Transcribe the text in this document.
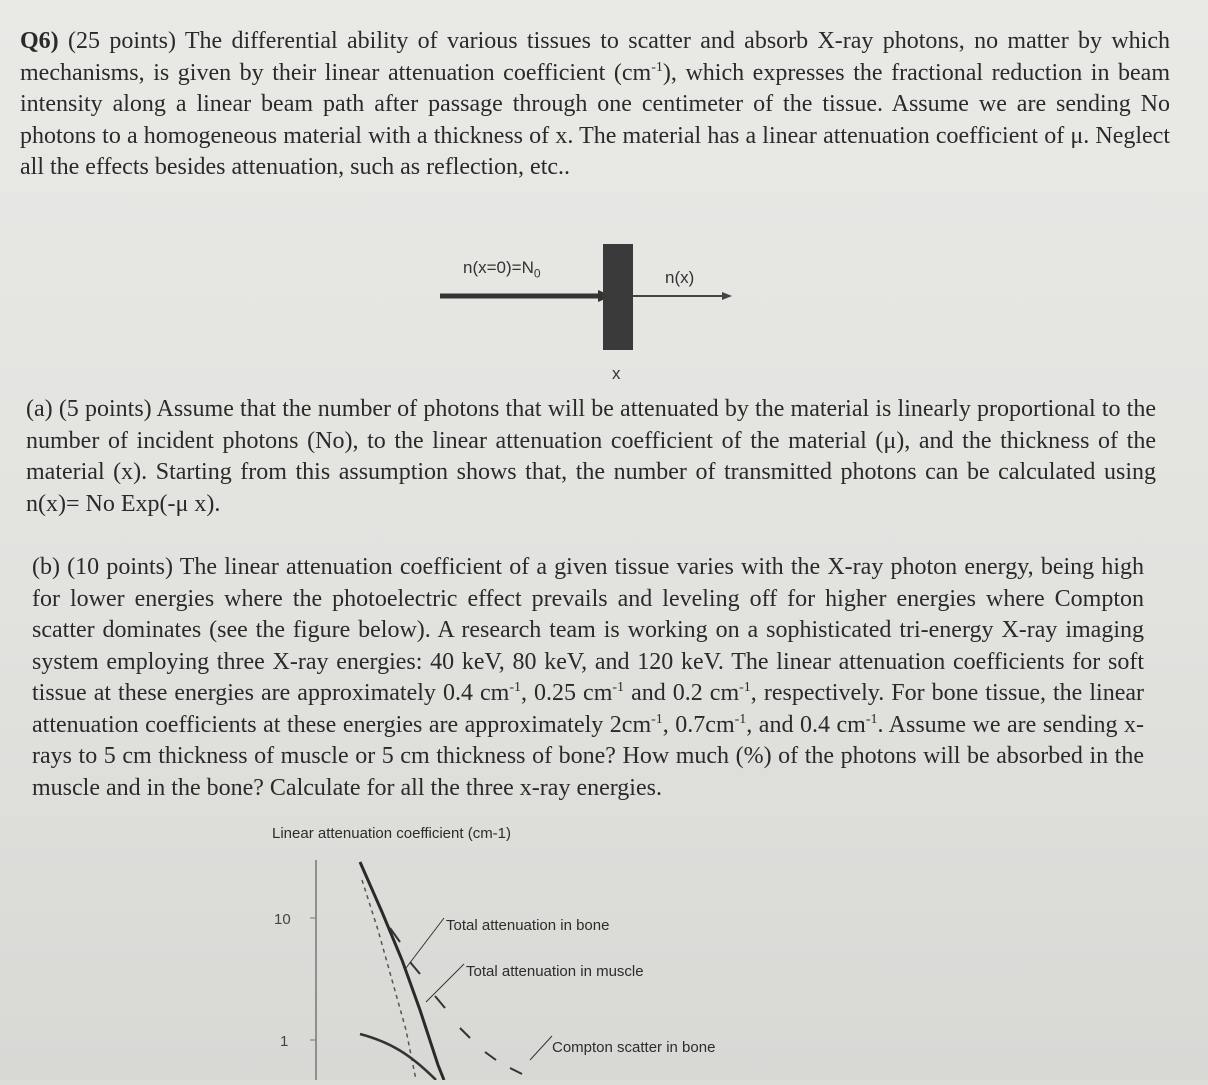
Q6) (25 points) The differential ability of various tissues to scatter and absorb X-ray photons, no matter by which mechanisms, is given by their linear attenuation coefficient $(cm^{-1})$, which expresses the fractional reduction in beam intensity along a linear beam path after passage through one centimeter of the tissue. Assume we are sending No photons to a homogeneous material with a thickness of x. The material has a linear attenuation coefficient of μ. Neglect all the effects besides attenuation, such as reflection, etc..
$n(x=0)=N_0$	n(x)
x
(a) (5 points) Assume that the number of photons that will be attenuated by the material is linearly proportional to the number of incident photons (No), to the linear attenuation coefficient of the material (μ), and the thickness of the material (x). Starting from this assumption shows that, the number of transmitted photons can be calculated using n(x)= No Exp(-μ x).
(b) (10 points) The linear attenuation coefficient of a given tissue varies with the X-ray photon energy, being high for lower energies where the photoelectric effect prevails and leveling off for higher energies where Compton scatter dominates (see the figure below). A research team is working on a sophisticated tri-energy X-ray imaging system employing three X-ray energies: 40 keV, 80 keV, and 120 keV. The linear attenuation coefficients for soft tissue at these energies are approximately 0.4 $cm^{-1}$, 0.25 $cm^{-1}$ and 0.2 $cm^{-1}$, respectively. For bone tissue, the linear attenuation coefficients at these energies are approximately $2cm^{-1}$, $0.7cm^{-1}$, and 0.4 $cm^{-1}$. Assume we are sending x-rays to 5 cm thickness of muscle or 5 cm thickness of bone? How much (%) of the photons will be absorbed in the muscle and in the bone? Calculate for all the three x-ray energies.
Linear attenuation coefficient (cm-1)
10
1
Total attenuation in bone
Total attenuation in muscle
Compton scatter in bone
